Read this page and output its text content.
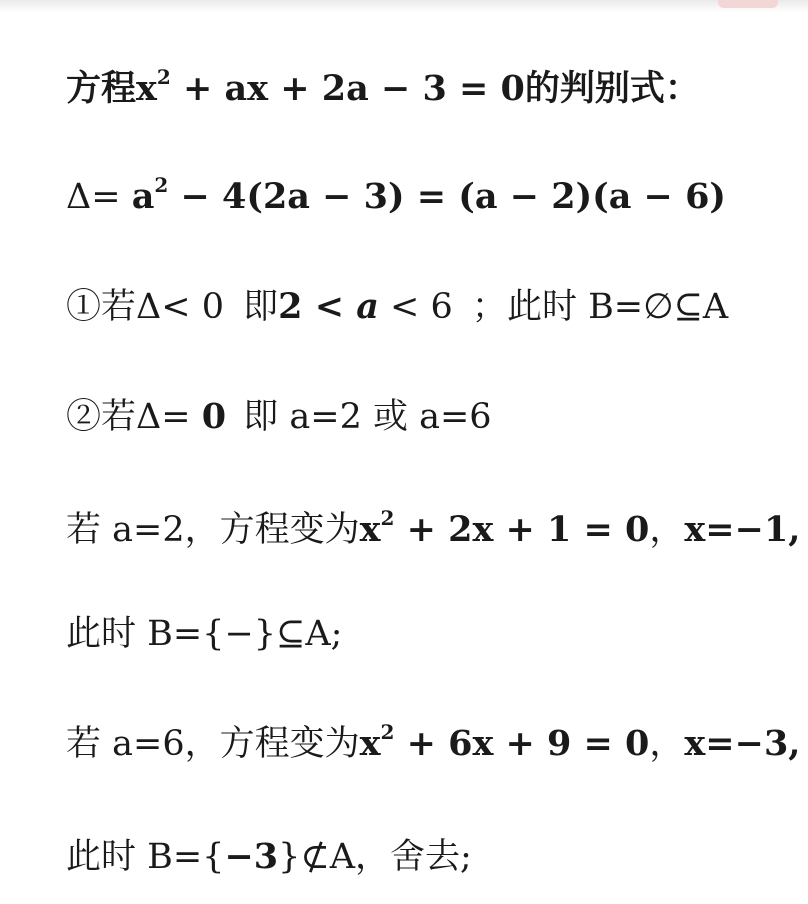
方程$x^2$ + ax + 2a − 3 = 0的判别式：
$\Delta= a^2 - 4(2a - 3) = (a - 2)(a - 6)$
①若Δ< 0 即2 < a < 6 ；此时 B=∅⊆A
②若Δ= 0 即 a=2 或 a=6
若 a=2，方程变为$x^2 + 2x + 1 = 0$，x=−1,
此时 B={−}⊆A;
若 a=6，方程变为$x^2 + 6x + 9 = 0$，x=−3,
此时 B={−3}⊄A，舍去;
